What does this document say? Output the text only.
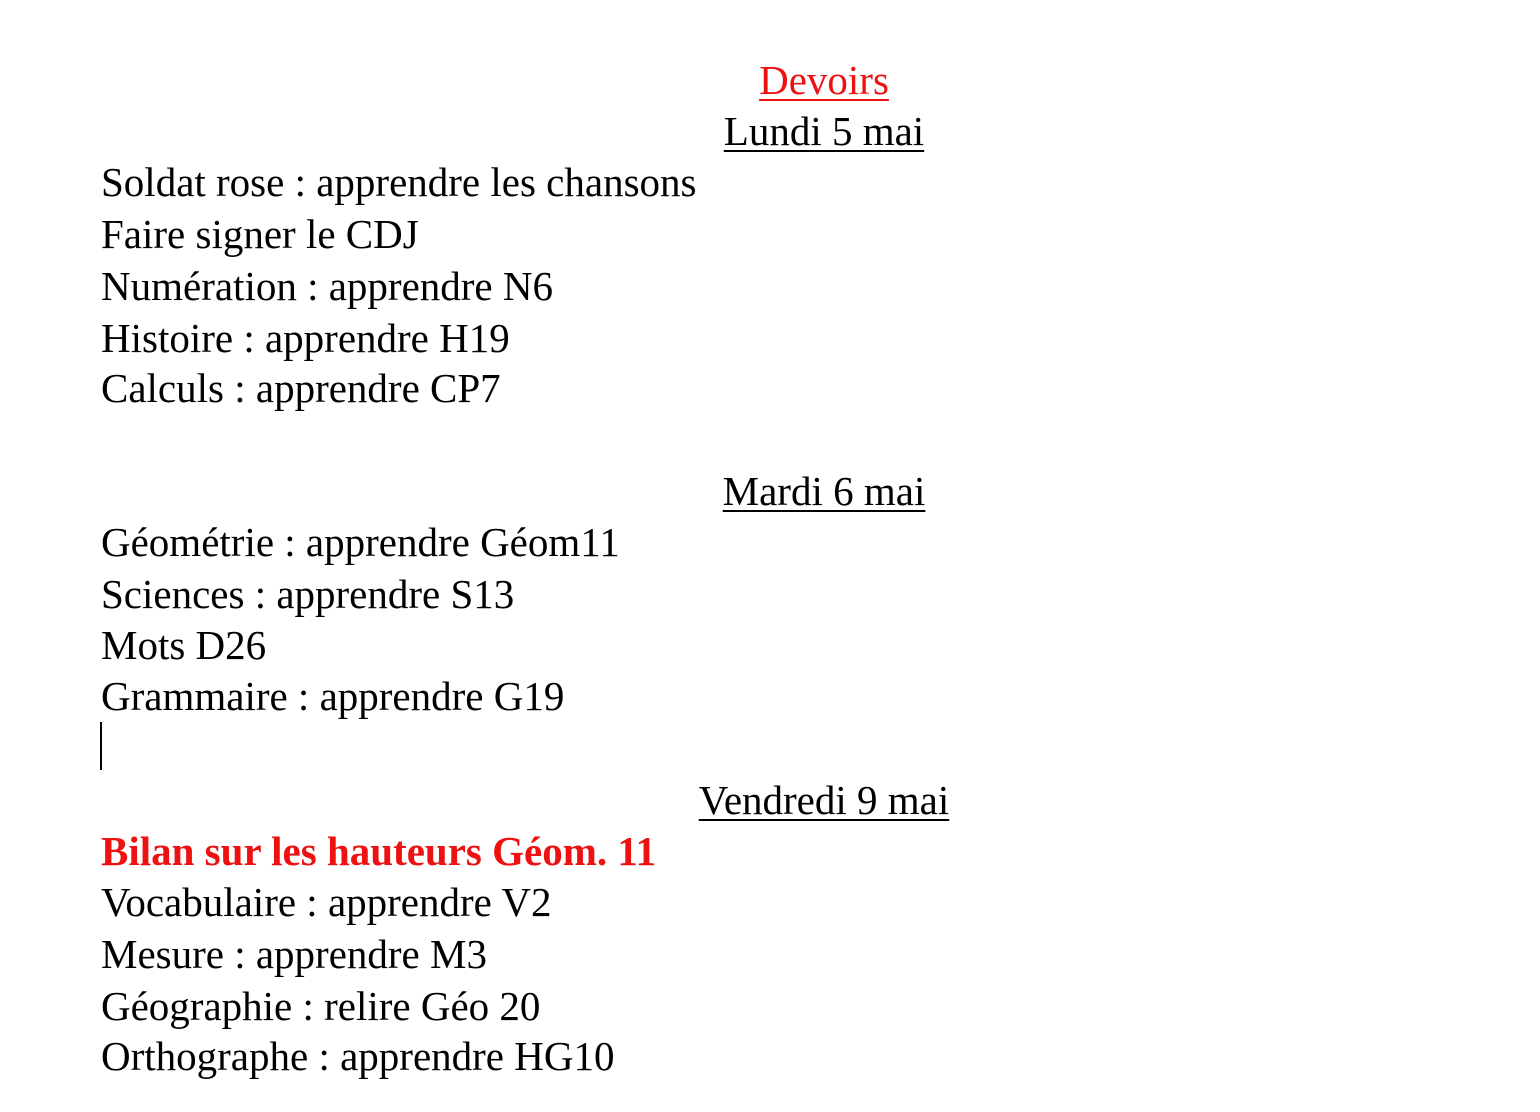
Devoirs
Lundi 5 mai
Soldat rose : apprendre les chansons
Faire signer le CDJ
Numération : apprendre N6
Histoire : apprendre H19
Calculs : apprendre CP7
Mardi 6 mai
Géométrie : apprendre Géom11
Sciences : apprendre S13
Mots D26
Grammaire : apprendre G19
Vendredi 9 mai
Bilan sur les hauteurs Géom. 11
Vocabulaire : apprendre V2
Mesure : apprendre M3
Géographie : relire Géo 20
Orthographe : apprendre HG10
